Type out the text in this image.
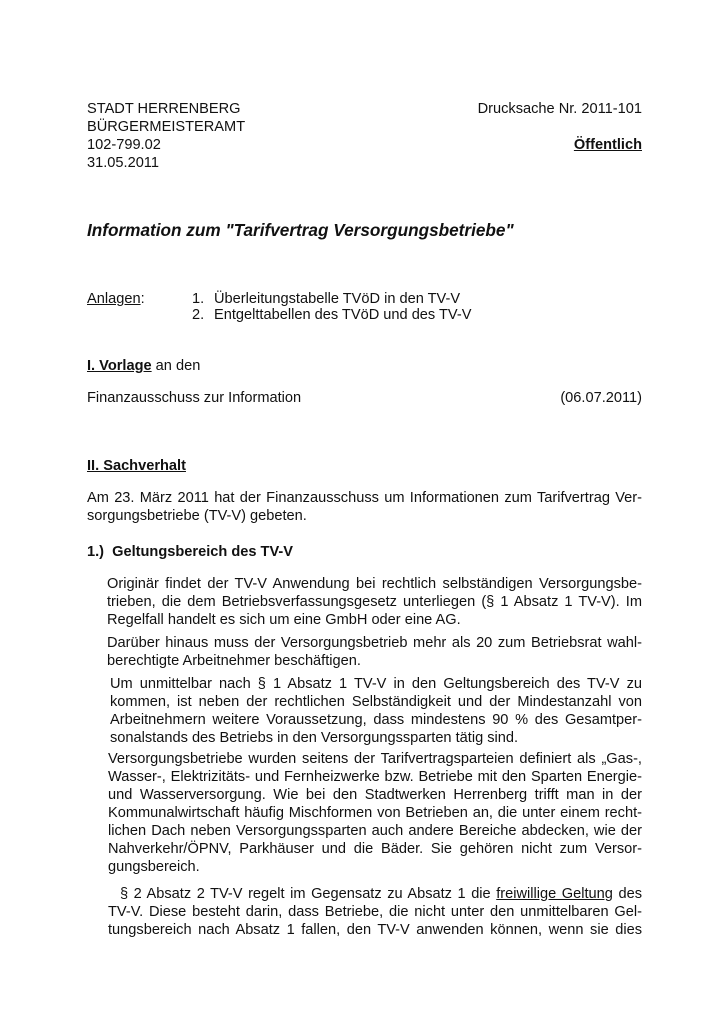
STADT HERRENBERG
BÜRGERMEISTERAMT
102-799.02
31.05.2011
Drucksache Nr. 2011-101
Öffentlich
Information zum "Tarifvertrag Versorgungsbetriebe"
Anlagen:	1. Überleitungstabelle TVöD in den TV-V
2. Entgelttabellen des TVöD und des TV-V
I. Vorlage an den
Finanzausschuss zur Information	(06.07.2011)
II. Sachverhalt
Am 23. März 2011 hat der Finanzausschuss um Informationen zum Tarifvertrag Ver-
sorgungsbetriebe (TV-V) gebeten.
1.)  Geltungsbereich des TV-V
Originär findet der TV-V Anwendung bei rechtlich selbständigen Versorgungsbe-
trieben, die dem Betriebsverfassungsgesetz unterliegen (§ 1 Absatz 1 TV-V). Im
Regelfall handelt es sich um eine GmbH oder eine AG.
Darüber hinaus muss der Versorgungsbetrieb mehr als 20 zum Betriebsrat wahl-
berechtigte Arbeitnehmer beschäftigen.
Um unmittelbar nach § 1 Absatz 1 TV-V in den Geltungsbereich des TV-V zu
kommen, ist neben der rechtlichen Selbständigkeit und der Mindestanzahl von
Arbeitnehmern weitere Voraussetzung, dass mindestens 90 % des Gesamtper-
sonalstands des Betriebs in den Versorgungssparten tätig sind.
Versorgungsbetriebe wurden seitens der Tarifvertragsparteien definiert als „Gas-,
Wasser-, Elektrizitäts- und Fernheizwerke bzw. Betriebe mit den Sparten Energie-
und Wasserversorgung. Wie bei den Stadtwerken Herrenberg trifft man in der
Kommunalwirtschaft häufig Mischformen von Betrieben an, die unter einem recht-
lichen Dach neben Versorgungssparten auch andere Bereiche abdecken, wie der
Nahverkehr/ÖPNV, Parkhäuser und die Bäder. Sie gehören nicht zum Versor-
gungsbereich.
§ 2 Absatz 2 TV-V regelt im Gegensatz zu Absatz 1 die freiwillige Geltung des
TV-V. Diese besteht darin, dass Betriebe, die nicht unter den unmittelbaren Gel-
tungsbereich nach Absatz 1 fallen, den TV-V anwenden können, wenn sie dies
